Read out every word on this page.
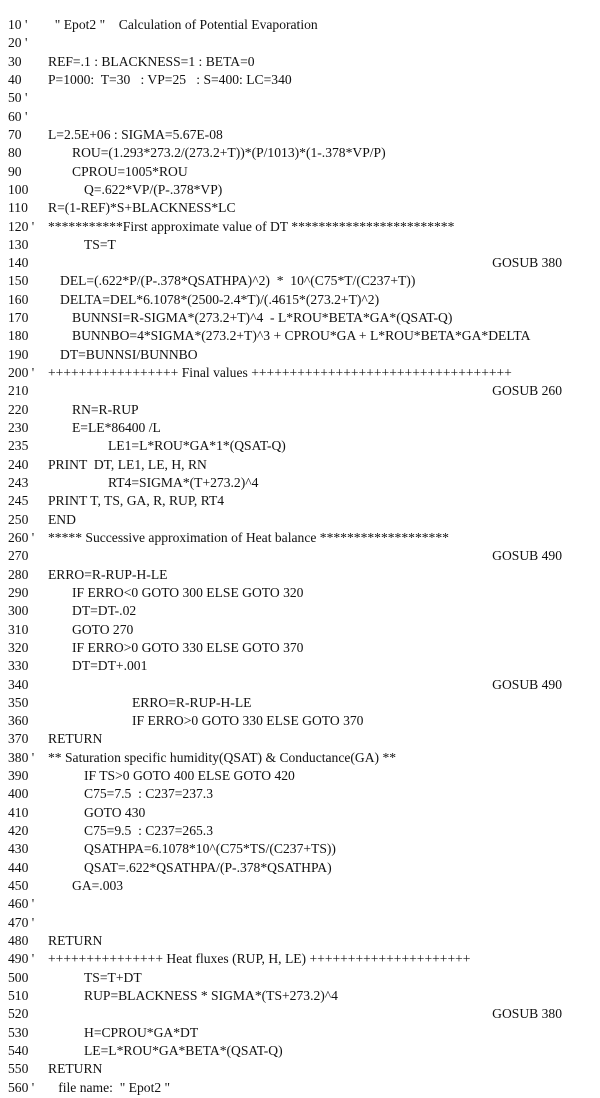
10 ' " Epot2 "    Calculation of Potential Evaporation
20 '
30 REF=.1 : BLACKNESS=1 : BETA=0
40 P=1000:  T=30   : VP=25   : S=400: LC=340
50 '
60 '
70 L=2.5E+06 : SIGMA=5.67E-08
80	ROU=(1.293*273.2/(273.2+T))*(P/1013)*(1-.378*VP/P)
90	CPROU=1005*ROU
100	Q=.622*VP/(P-.378*VP)
110 R=(1-REF)*S+BLACKNESS*LC
120 ' ***********First approximate value of DT ************************
130	TS=T
140	GOSUB 380
150 DEL=(.622*P/(P-.378*QSATHPA)^2)  *  10^(C75*T/(C237+T))
160 DELTA=DEL*6.1078*(2500-2.4*T)/(.4615*(273.2+T)^2)
170	BUNNSI=R-SIGMA*(273.2+T)^4  - L*ROU*BETA*GA*(QSAT-Q)
180	BUNNBO=4*SIGMA*(273.2+T)^3 + CPROU*GA + L*ROU*BETA*GA*DELTA
190 DT=BUNNSI/BUNNBO
200 ' +++++++++++++++++ Final values ++++++++++++++++++++++++++++++++++
210	GOSUB 260
220	RN=R-RUP
230	E=LE*86400 /L
235	LE1=L*ROU*GA*1*(QSAT-Q)
240 PRINT  DT, LE1, LE, H, RN
243	RT4=SIGMA*(T+273.2)^4
245 PRINT T, TS, GA, R, RUP, RT4
250 END
260 ' ***** Successive approximation of Heat balance *******************
270	GOSUB 490
280 ERRO=R-RUP-H-LE
290	IF ERRO<0 GOTO 300 ELSE GOTO 320
300	DT=DT-.02
310	GOTO 270
320	IF ERRO>0 GOTO 330 ELSE GOTO 370
330	DT=DT+.001
340	GOSUB 490
350	ERRO=R-RUP-H-LE
360	IF ERRO>0 GOTO 330 ELSE GOTO 370
370 RETURN
380 ' ** Saturation specific humidity(QSAT) & Conductance(GA) **
390	IF TS>0 GOTO 400 ELSE GOTO 420
400	C75=7.5  : C237=237.3
410	GOTO 430
420	C75=9.5  : C237=265.3
430	QSATHPA=6.1078*10^(C75*TS/(C237+TS))
440	QSAT=.622*QSATHPA/(P-.378*QSATHPA)
450	GA=.003
460 '
470 '
480 RETURN
490 ' +++++++++++++++ Heat fluxes (RUP, H, LE) +++++++++++++++++++++
500	TS=T+DT
510	RUP=BLACKNESS * SIGMA*(TS+273.2)^4
520	GOSUB 380
530	H=CPROU*GA*DT
540	LE=L*ROU*GA*BETA*(QSAT-Q)
550 RETURN
560 ' file name:  " Epot2 "
